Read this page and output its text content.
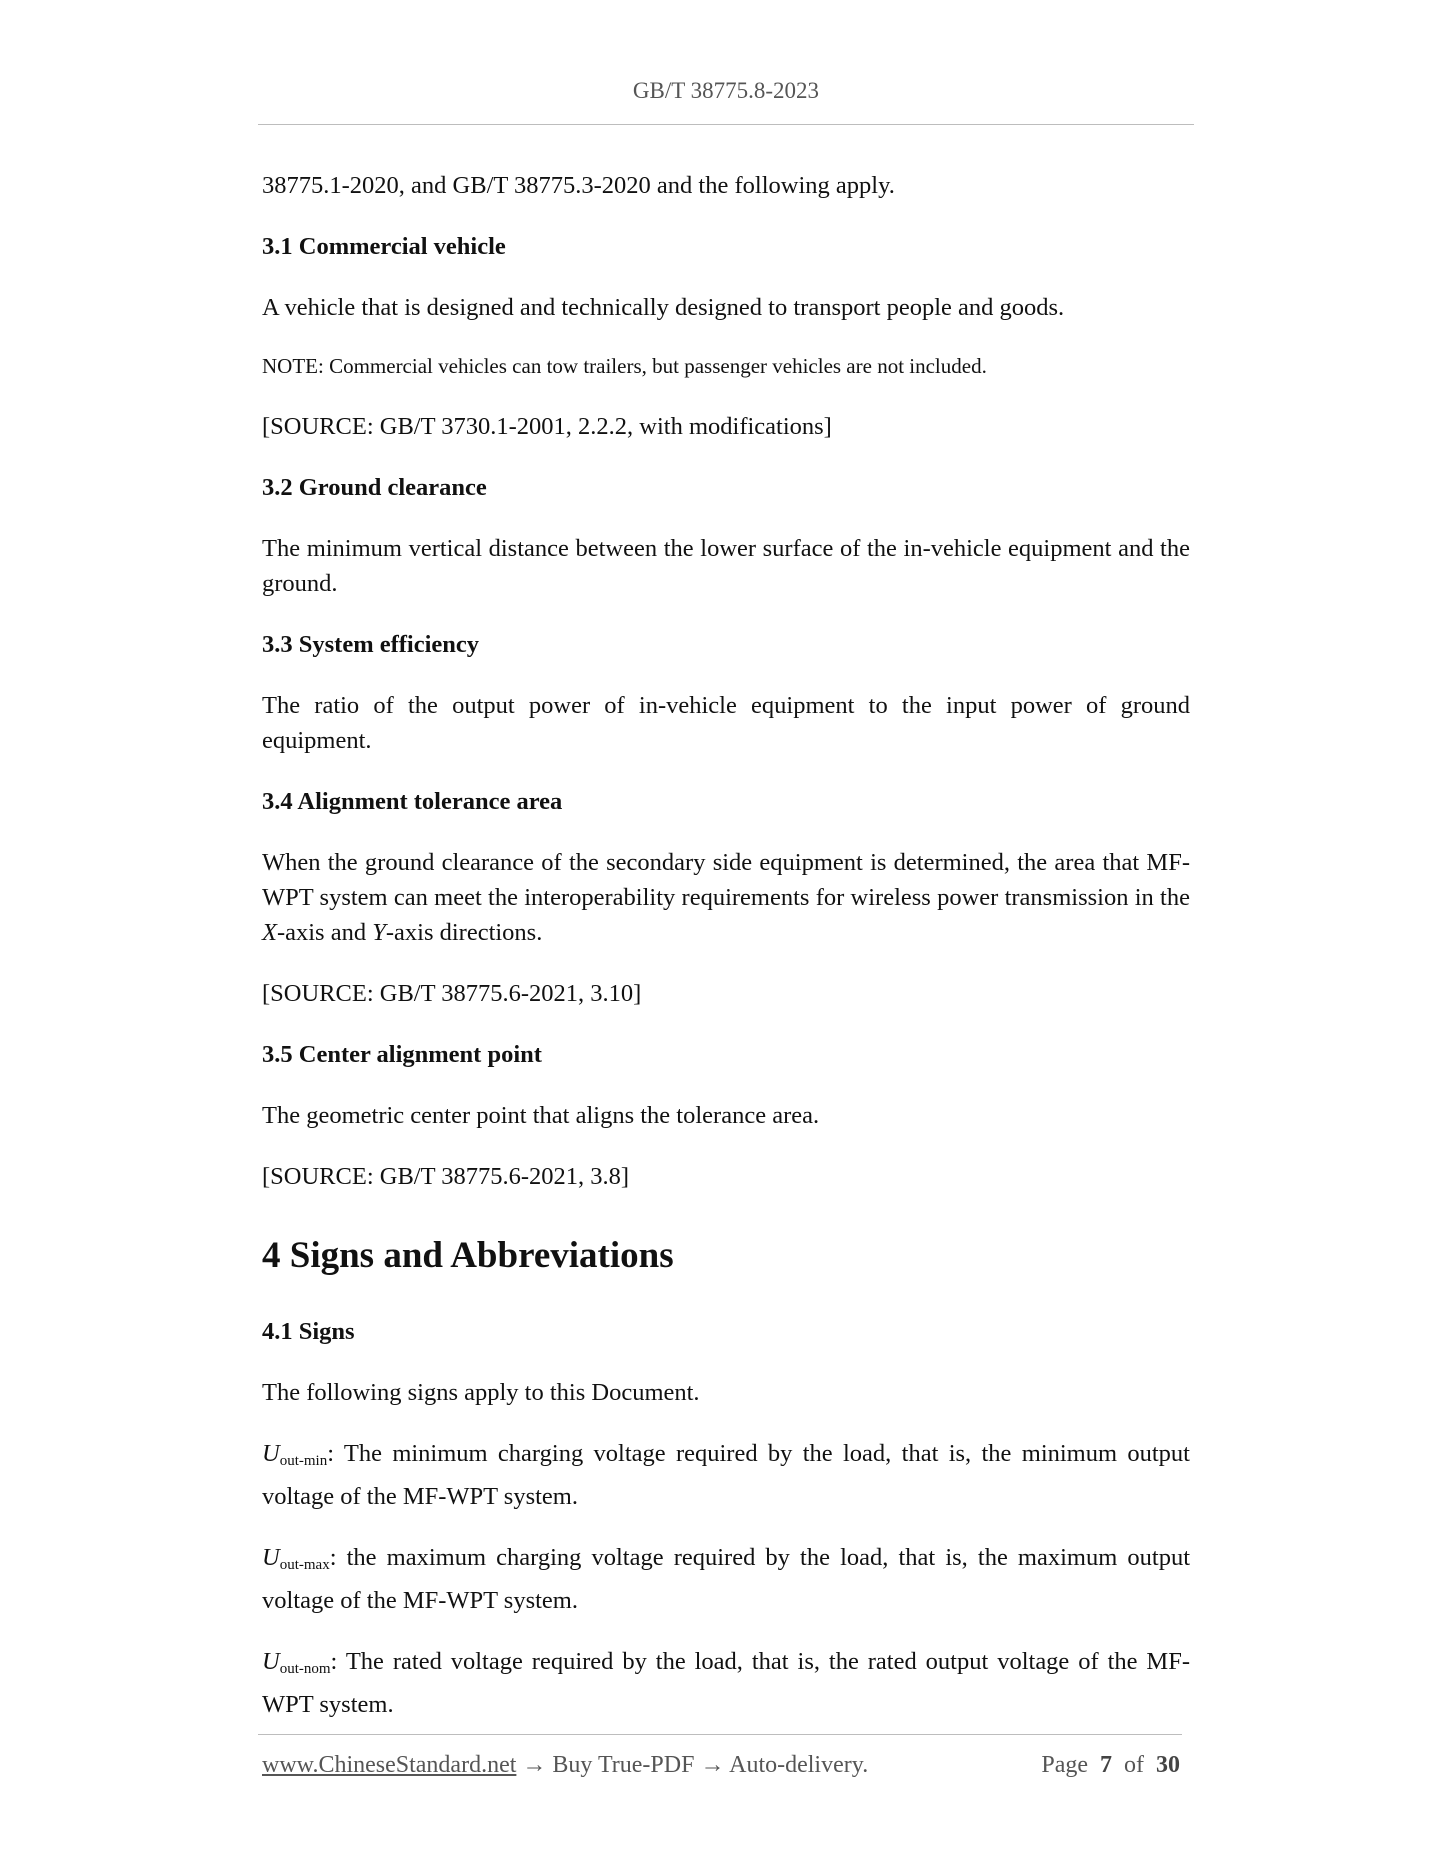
GB/T 38775.8-2023

38775.1-2020, and GB/T 38775.3-2020 and the following apply.

3.1 Commercial vehicle

A vehicle that is designed and technically designed to transport people and goods.

NOTE: Commercial vehicles can tow trailers, but passenger vehicles are not included.

[SOURCE: GB/T 3730.1-2001, 2.2.2, with modifications]

3.2 Ground clearance

The minimum vertical distance between the lower surface of the in-vehicle equipment and the ground.

3.3 System efficiency

The ratio of the output power of in-vehicle equipment to the input power of ground equipment.

3.4 Alignment tolerance area

When the ground clearance of the secondary side equipment is determined, the area that MF-WPT system can meet the interoperability requirements for wireless power transmission in the X-axis and Y-axis directions.

[SOURCE: GB/T 38775.6-2021, 3.10]

3.5 Center alignment point

The geometric center point that aligns the tolerance area.

[SOURCE: GB/T 38775.6-2021, 3.8]

4 Signs and Abbreviations

4.1 Signs

The following signs apply to this Document.

$U_{out-min}$: The minimum charging voltage required by the load, that is, the minimum output voltage of the MF-WPT system.

$U_{out-max}$: the maximum charging voltage required by the load, that is, the maximum output voltage of the MF-WPT system.

$U_{out-nom}$: The rated voltage required by the load, that is, the rated output voltage of the MF-WPT system.

www.ChineseStandard.net → Buy True-PDF → Auto-delivery.	Page 7 of 30
